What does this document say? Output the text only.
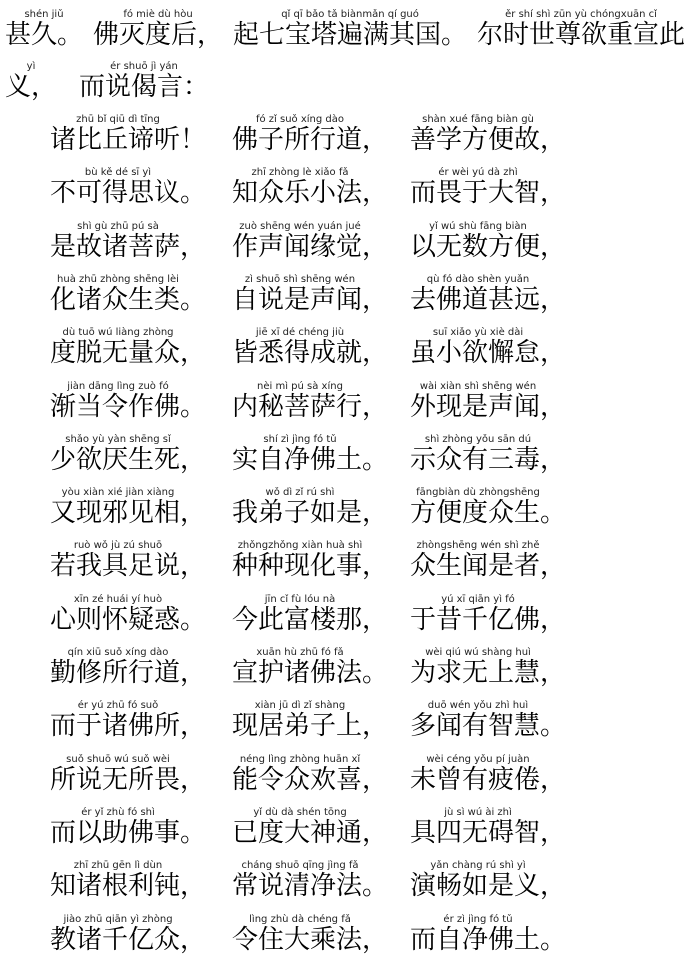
shén jiǔ
甚久。
fó miè dù hòu
佛灭度后，
qǐ qī bǎo tǎ biànmǎn qí guó
起七宝塔遍满其国。
ěr shí shì zūn yù chóngxuān cǐ
尔时世尊欲重宣此
yì
义，
ér shuō jì yán
而说偈言：
zhū bǐ qiū dì tīng
诸比丘谛听！
fó zǐ suǒ xíng dào
佛子所行道，
shàn xué fāng biàn gù
善学方便故，
bù kě dé sī yì
不可得思议。
zhī zhòng lè xiǎo fǎ
知众乐小法，
ér wèi yú dà zhì
而畏于大智，
shì gù zhū pú sà
是故诸菩萨，
zuò shēng wén yuán jué
作声闻缘觉，
yǐ wú shù fāng biàn
以无数方便，
huà zhū zhòng shēng lèi
化诸众生类。
zì shuō shì shēng wén
自说是声闻，
qù fó dào shèn yuǎn
去佛道甚远，
dù tuō wú liàng zhòng
度脱无量众，
jiē xī dé chéng jiù
皆悉得成就，
suī xiǎo yù xiè dài
虽小欲懈怠，
jiàn dāng lìng zuò fó
渐当令作佛。
nèi mì pú sà xíng
内秘菩萨行，
wài xiàn shì shēng wén
外现是声闻，
shǎo yù yàn shēng sǐ
少欲厌生死，
shí zì jìng fó tǔ
实自净佛土。
shì zhòng yǒu sān dú
示众有三毒，
yòu xiàn xié jiàn xiàng
又现邪见相，
wǒ dì zǐ rú shì
我弟子如是，
fāngbiàn dù zhòngshēng
方便度众生。
ruò wǒ jù zú shuō
若我具足说，
zhǒngzhǒng xiàn huà shì
种种现化事，
zhòngshēng wén shì zhě
众生闻是者，
xīn zé huái yí huò
心则怀疑惑。
jīn cǐ fù lóu nà
今此富楼那，
yú xī qiān yì fó
于昔千亿佛，
qín xiū suǒ xíng dào
勤修所行道，
xuān hù zhū fó fǎ
宣护诸佛法。
wèi qiú wú shàng huì
为求无上慧，
ér yú zhū fó suǒ
而于诸佛所，
xiàn jū dì zǐ shàng
现居弟子上，
duō wén yǒu zhì huì
多闻有智慧。
suǒ shuō wú suǒ wèi
所说无所畏，
néng lìng zhòng huān xǐ
能令众欢喜，
wèi céng yǒu pí juàn
未曾有疲倦，
ér yǐ zhù fó shì
而以助佛事。
yǐ dù dà shén tōng
已度大神通，
jù sì wú ài zhì
具四无碍智，
zhī zhū gēn lì dùn
知诸根利钝，
cháng shuō qīng jìng fǎ
常说清净法。
yǎn chàng rú shì yì
演畅如是义，
jiào zhū qiān yì zhòng
教诸千亿众，
lìng zhù dà chéng fǎ
令住大乘法，
ér zì jìng fó tǔ
而自净佛土。
